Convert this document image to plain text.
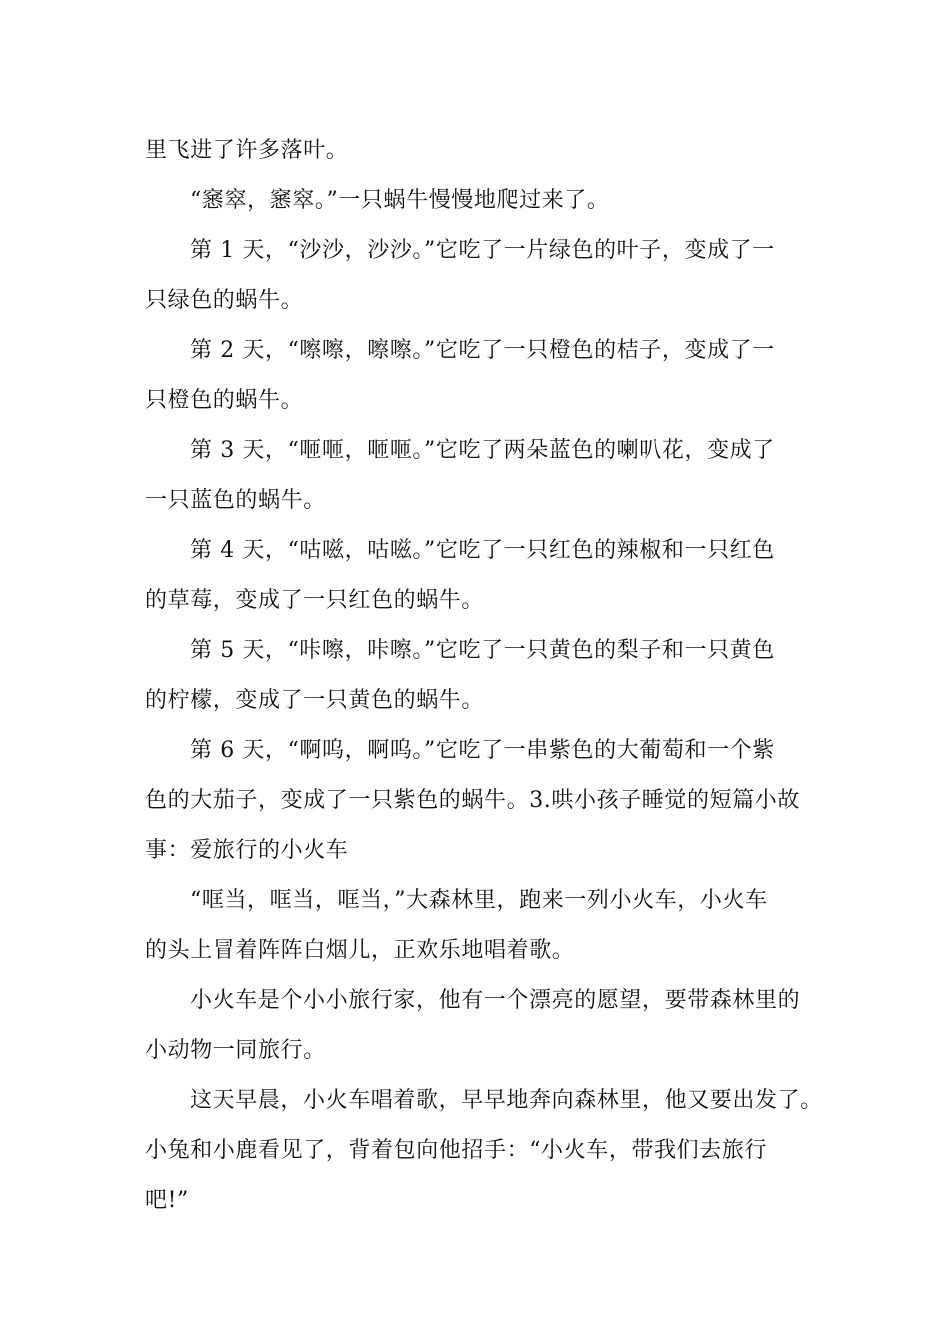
里飞进了许多落叶。
“窸窣，窸窣。”一只蜗牛慢慢地爬过来了。
第 1 天，“沙沙，沙沙。”它吃了一片绿色的叶子，变成了一
只绿色的蜗牛。
第 2 天，“嚓嚓，嚓嚓。”它吃了一只橙色的桔子，变成了一
只橙色的蜗牛。
第 3 天，“咂咂，咂咂。”它吃了两朵蓝色的喇叭花，变成了
一只蓝色的蜗牛。
第 4 天，“咕嗞，咕嗞。”它吃了一只红色的辣椒和一只红色
的草莓，变成了一只红色的蜗牛。
第 5 天，“咔嚓，咔嚓。”它吃了一只黄色的梨子和一只黄色
的柠檬，变成了一只黄色的蜗牛。
第 6 天，“啊呜，啊呜。”它吃了一串紫色的大葡萄和一个紫
色的大茄子，变成了一只紫色的蜗牛。3.哄小孩子睡觉的短篇小故
事：爱旅行的小火车
“哐当，哐当，哐当，”大森林里，跑来一列小火车，小火车
的头上冒着阵阵白烟儿，正欢乐地唱着歌。
小火车是个小小旅行家，他有一个漂亮的愿望，要带森林里的
小动物一同旅行。
这天早晨，小火车唱着歌，早早地奔向森林里，他又要出发了。
小兔和小鹿看见了，背着包向他招手：“小火车，带我们去旅行
吧!”
